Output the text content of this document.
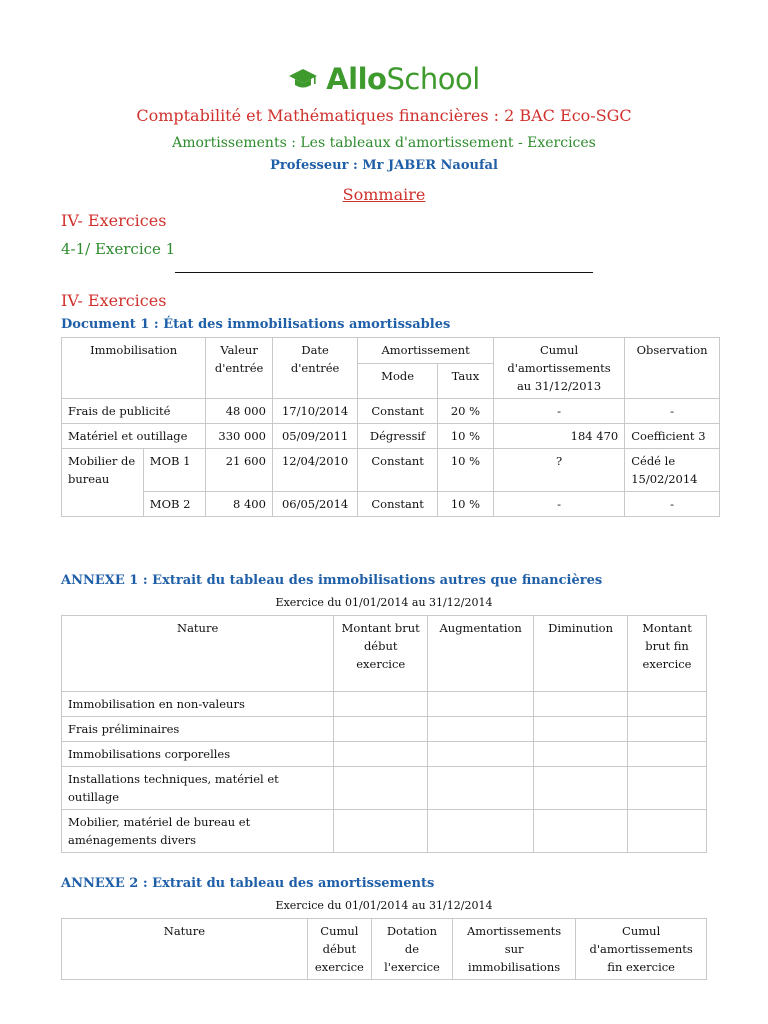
AlloSchool
Comptabilité et Mathématiques financières : 2 BAC Eco-SGC
Amortissements : Les tableaux d'amortissement - Exercices
Professeur : Mr JABER Naoufal
Sommaire
IV- Exercices
4-1/ Exercice 1
IV- Exercices
Document 1 : État des immobilisations amortissables
Immobilisation		Valeur d'entrée	Date d'entrée	Amortissement		Cumul d'amortissements au 31/12/2013	Observation
				Mode	Taux		
Frais de publicité		48 000	17/10/2014	Constant	20 %	-	-
Matériel et outillage		330 000	05/09/2011	Dégressif	10 %	184 470	Coefficient 3
Mobilier de bureau	MOB 1	21 600	12/04/2010	Constant	10 %	?	Cédé le 15/02/2014
	MOB 2	8 400	06/05/2014	Constant	10 %	-	-
ANNEXE 1 : Extrait du tableau des immobilisations autres que financières
Exercice du 01/01/2014 au 31/12/2014
Nature	Montant brut début exercice	Augmentation	Diminution	Montant brut fin exercice
Immobilisation en non-valeurs				
Frais préliminaires				
Immobilisations corporelles				
Installations techniques, matériel et outillage				
Mobilier, matériel de bureau et aménagements divers				
ANNEXE 2 : Extrait du tableau des amortissements
Exercice du 01/01/2014 au 31/12/2014
Nature	Cumul début exercice	Dotation de l'exercice	Amortissements sur immobilisations	Cumul d'amortissements fin exercice
